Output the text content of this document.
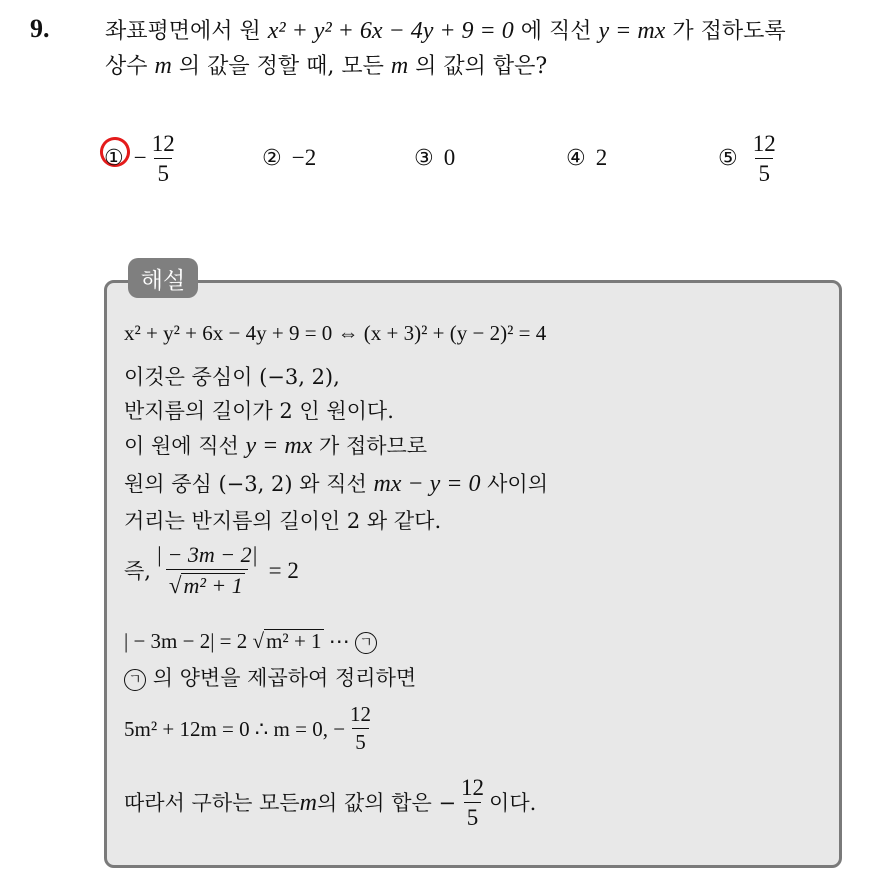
9.	좌표평면에서 원 x² + y² + 6x − 4y + 9 = 0 에 직선 y = mx 가 접하도록
상수 m 의 값을 정할 때, 모든 m 의 값의 합은?
① − $\frac{12}{5}$	② −2	③ 0	④ 2	⑤ $\frac{12}{5}$
해설
x² + y² + 6x − 4y + 9 = 0 ⇔ (x + 3)² + (y − 2)² = 4
이것은 중심이 (−3, 2),
반지름의 길이가 2 인 원이다.
이 원에 직선 y = mx 가 접하므로
원의 중심 (−3, 2) 와 직선 mx − y = 0 사이의
거리는 반지름의 길이인 2 와 같다.
즉, $\frac{| - 3m - 2|}{\text{√m² + 1}} = 2$
| − 3m − 2| = 2 √m² + 1 ⋯ ㄱ
ㄱ 의 양변을 제곱하여 정리하면
5m² + 12m = 0 ∴ m = 0, − $\frac{12}{5}$
따라서 구하는 모든 m 의 값의 합은 − $\frac{12}{5}$ 이다.
